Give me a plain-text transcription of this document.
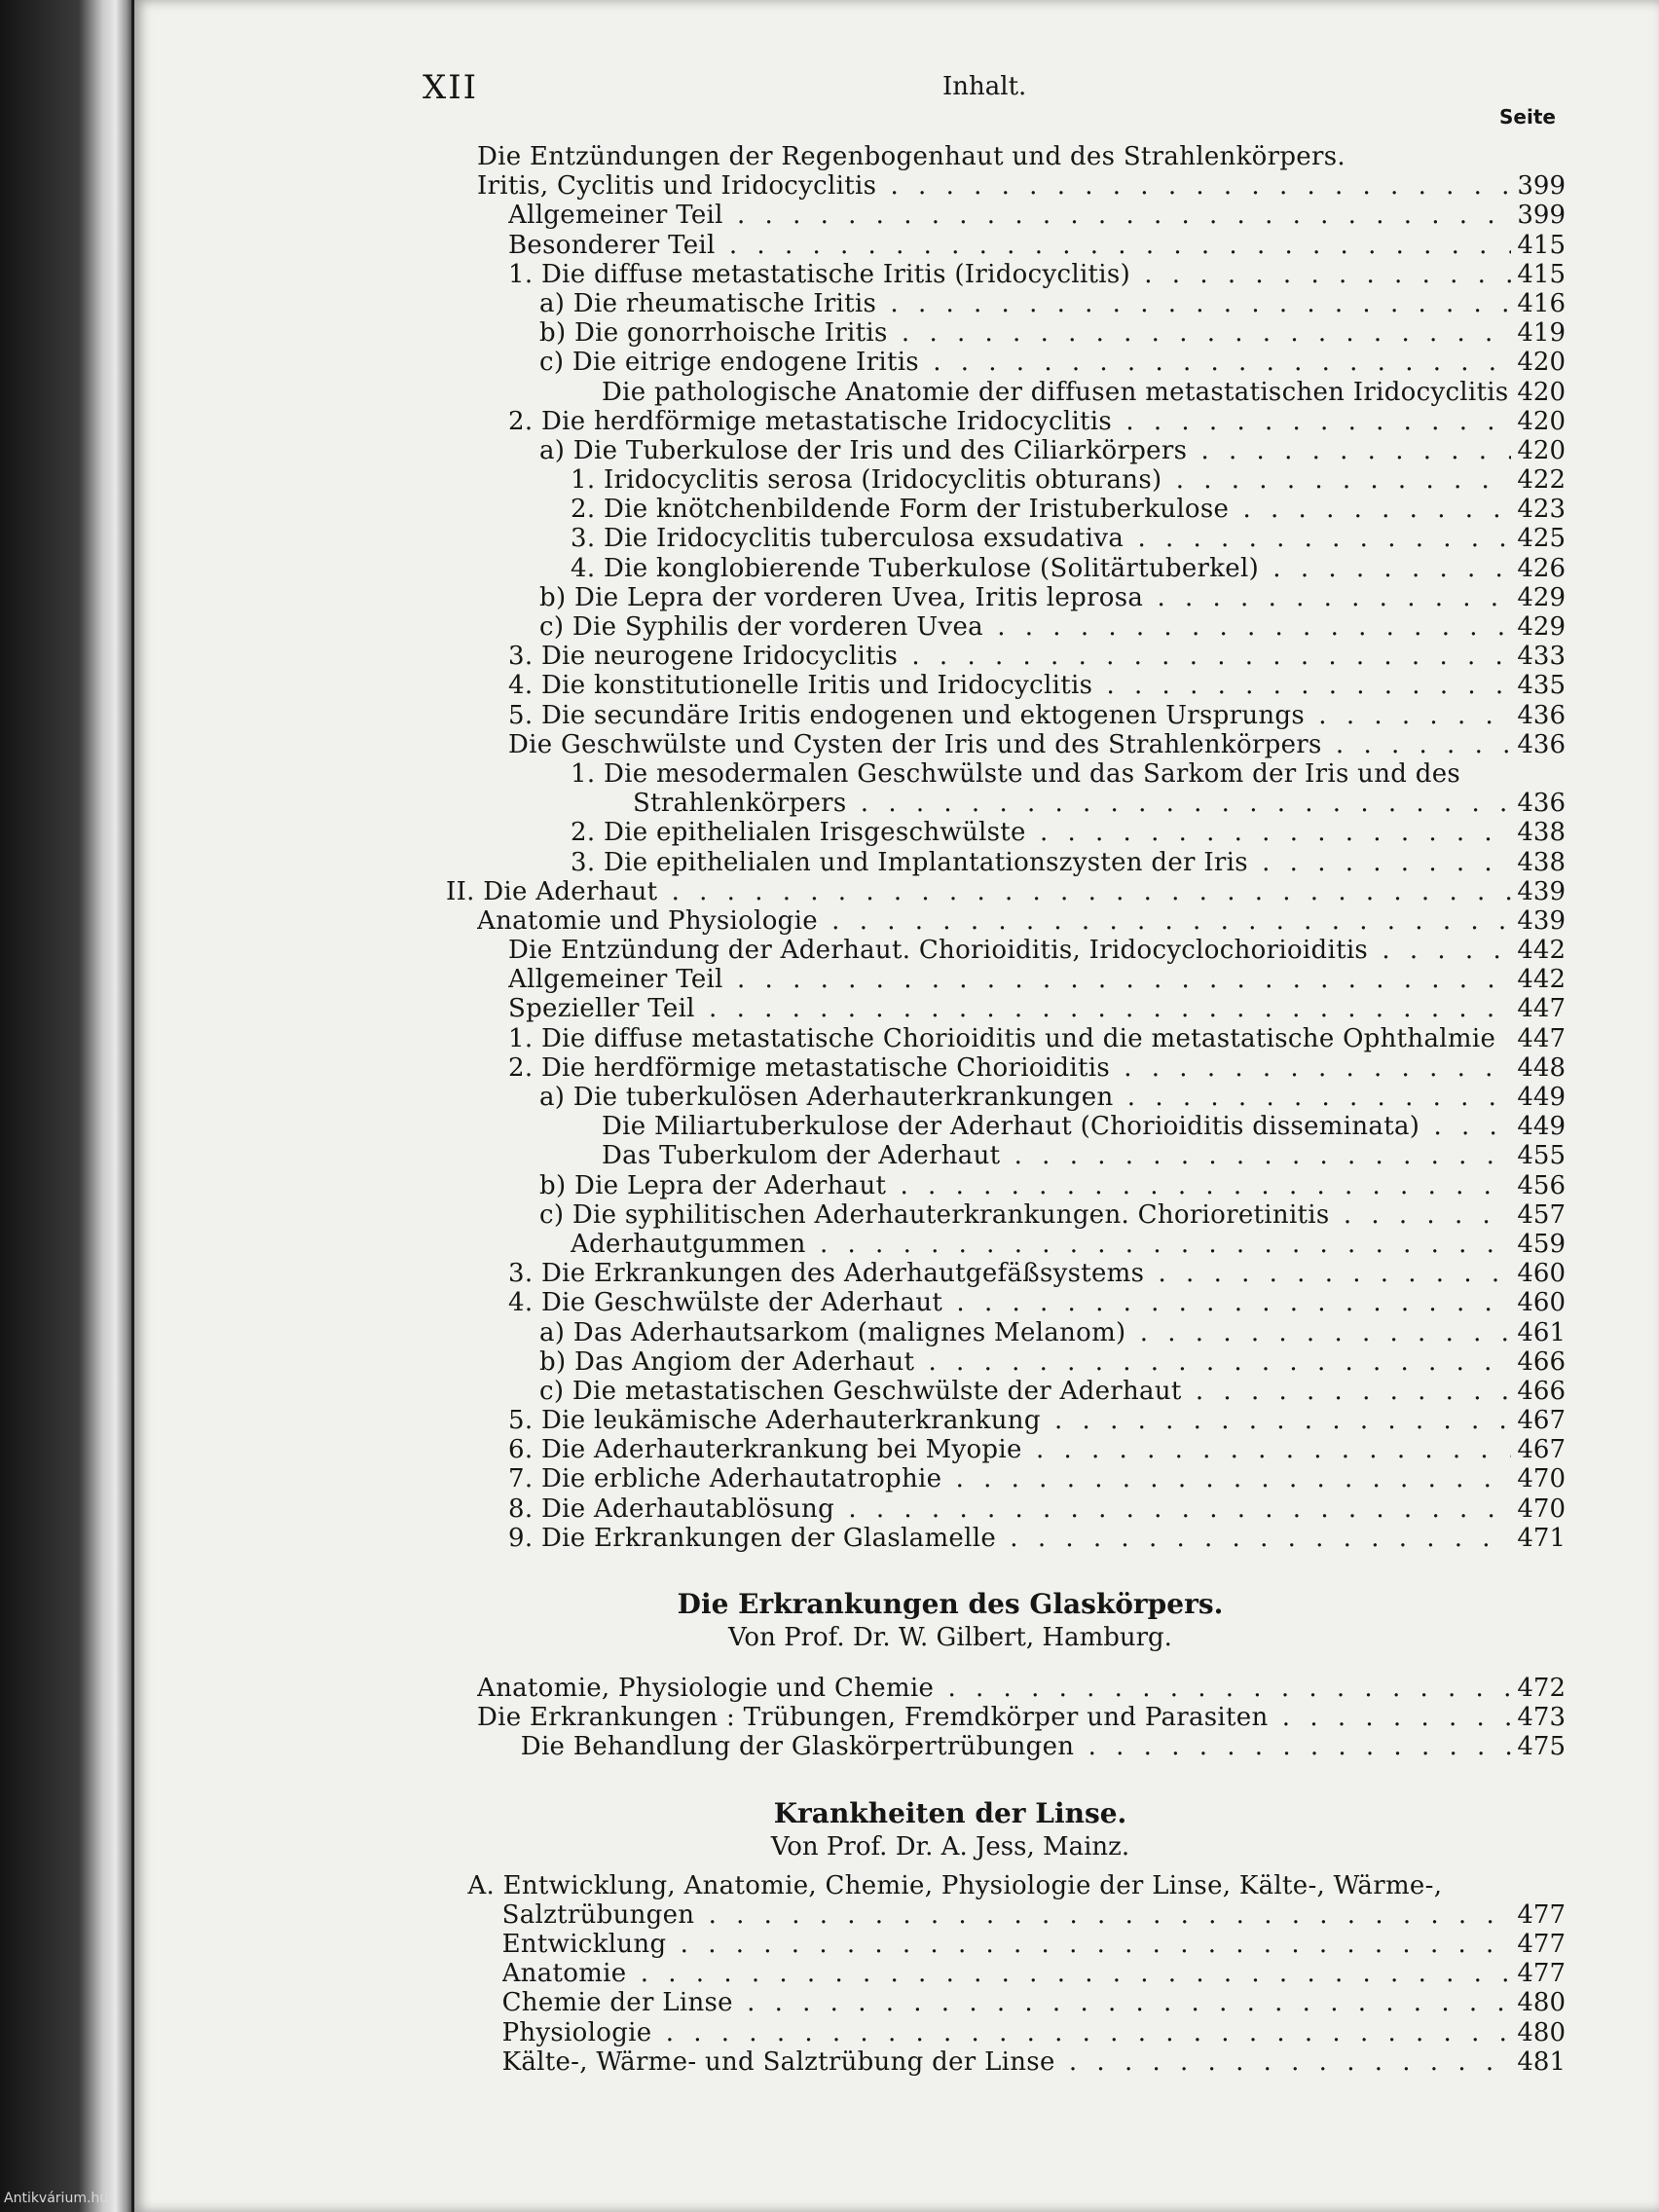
XII	Inhalt.
Seite
Die Entzündungen der Regenbogenhaut und des Strahlenkörpers.
Iritis, Cyclitis und Iridocyclitis . . .	399
Allgemeiner Teil . . .	399
Besonderer Teil . . .	415
1. Die diffuse metastatische Iritis (Iridocyclitis) . . .	415
a) Die rheumatische Iritis . . .	416
b) Die gonorrhoische Iritis . . .	419
c) Die eitrige endogene Iritis . . .	420
Die pathologische Anatomie der diffusen metastatischen Iridocyclitis . . . 420
2. Die herdförmige metastatische Iridocyclitis . . .	420
a) Die Tuberkulose der Iris und des Ciliarkörpers . . .	420
1. Iridocyclitis serosa (Iridocyclitis obturans) . . .	422
2. Die knötchenbildende Form der Iristuberkulose . . .	423
3. Die Iridocyclitis tuberculosa exsudativa . . .	425
4. Die konglobierende Tuberkulose (Solitärtuberkel) . . .	426
b) Die Lepra der vorderen Uvea, Iritis leprosa . . .	429
c) Die Syphilis der vorderen Uvea . . .	429
3. Die neurogene Iridocyclitis . . .	433
4. Die konstitutionelle Iritis und Iridocyclitis . . .	435
5. Die secundäre Iritis endogenen und ektogenen Ursprungs . . .	436
Die Geschwülste und Cysten der Iris und des Strahlenkörpers . . .	436
1. Die mesodermalen Geschwülste und das Sarkom der Iris und des
Strahlenkörpers . . .	436
2. Die epithelialen Irisgeschwülste . . .	438
3. Die epithelialen und Implantationszysten der Iris . . .	438
II. Die Aderhaut . . .	439
Anatomie und Physiologie . . .	439
Die Entzündung der Aderhaut. Chorioiditis, Iridocyclochorioiditis . . .	442
Allgemeiner Teil . . .	442
Spezieller Teil . . .	447
1. Die diffuse metastatische Chorioiditis und die metastatische Ophthalmie . . . 447
2. Die herdförmige metastatische Chorioiditis . . .	448
a) Die tuberkulösen Aderhauterkrankungen . . .	449
Die Miliartuberkulose der Aderhaut (Chorioiditis disseminata) . . .	449
Das Tuberkulom der Aderhaut . . .	455
b) Die Lepra der Aderhaut . . .	456
c) Die syphilitischen Aderhauterkrankungen. Chorioretinitis . . .	457
Aderhautgummen . . .	459
3. Die Erkrankungen des Aderhautgefäßsystems . . .	460
4. Die Geschwülste der Aderhaut . . .	460
a) Das Aderhautsarkom (malignes Melanom) . . .	461
b) Das Angiom der Aderhaut . . .	466
c) Die metastatischen Geschwülste der Aderhaut . . .	466
5. Die leukämische Aderhauterkrankung . . .	467
6. Die Aderhauterkrankung bei Myopie . . .	467
7. Die erbliche Aderhautatrophie . . .	470
8. Die Aderhautablösung . . .	470
9. Die Erkrankungen der Glaslamelle . . .	471
Die Erkrankungen des Glaskörpers.
Von Prof. Dr. W. Gilbert, Hamburg.
Anatomie, Physiologie und Chemie . . .	472
Die Erkrankungen : Trübungen, Fremdkörper und Parasiten . . .	473
Die Behandlung der Glaskörpertrübungen . . .	475
Krankheiten der Linse.
Von Prof. Dr. A. Jess, Mainz.
A. Entwicklung, Anatomie, Chemie, Physiologie der Linse, Kälte-, Wärme-,
Salztrübungen . . .	477
Entwicklung . . .	477
Anatomie . . .	477
Chemie der Linse . . .	480
Physiologie . . .	480
Kälte-, Wärme- und Salztrübung der Linse . . .	481
Antikvárium.hu
